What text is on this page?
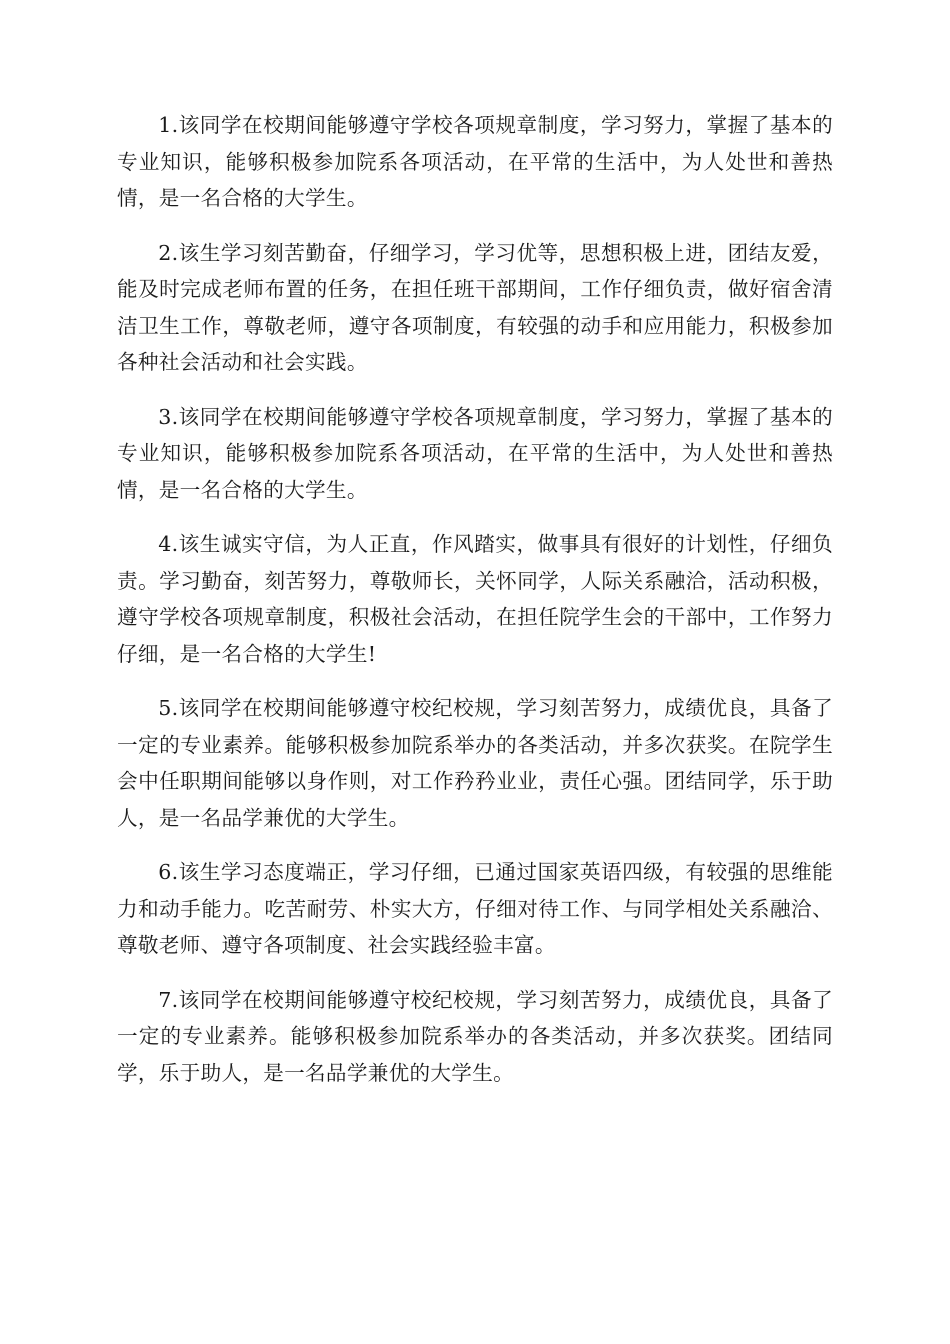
1.该同学在校期间能够遵守学校各项规章制度，学习努力，掌握了基本的专业知识，能够积极参加院系各项活动，在平常的生活中，为人处世和善热情，是一名合格的大学生。

2.该生学习刻苦勤奋，仔细学习，学习优等，思想积极上进，团结友爱，能及时完成老师布置的任务，在担任班干部期间，工作仔细负责，做好宿舍清洁卫生工作，尊敬老师，遵守各项制度，有较强的动手和应用能力，积极参加各种社会活动和社会实践。

3.该同学在校期间能够遵守学校各项规章制度，学习努力，掌握了基本的专业知识，能够积极参加院系各项活动，在平常的生活中，为人处世和善热情，是一名合格的大学生。

4.该生诚实守信，为人正直，作风踏实，做事具有很好的计划性，仔细负责。学习勤奋，刻苦努力，尊敬师长，关怀同学，人际关系融洽，活动积极，遵守学校各项规章制度，积极社会活动，在担任院学生会的干部中，工作努力仔细，是一名合格的大学生!

5.该同学在校期间能够遵守校纪校规，学习刻苦努力，成绩优良，具备了一定的专业素养。能够积极参加院系举办的各类活动，并多次获奖。在院学生会中任职期间能够以身作则，对工作矜矜业业，责任心强。团结同学，乐于助人，是一名品学兼优的大学生。

6.该生学习态度端正，学习仔细，已通过国家英语四级，有较强的思维能力和动手能力。吃苦耐劳、朴实大方，仔细对待工作、与同学相处关系融洽、尊敬老师、遵守各项制度、社会实践经验丰富。

7.该同学在校期间能够遵守校纪校规，学习刻苦努力，成绩优良，具备了一定的专业素养。能够积极参加院系举办的各类活动，并多次获奖。团结同学，乐于助人，是一名品学兼优的大学生。
